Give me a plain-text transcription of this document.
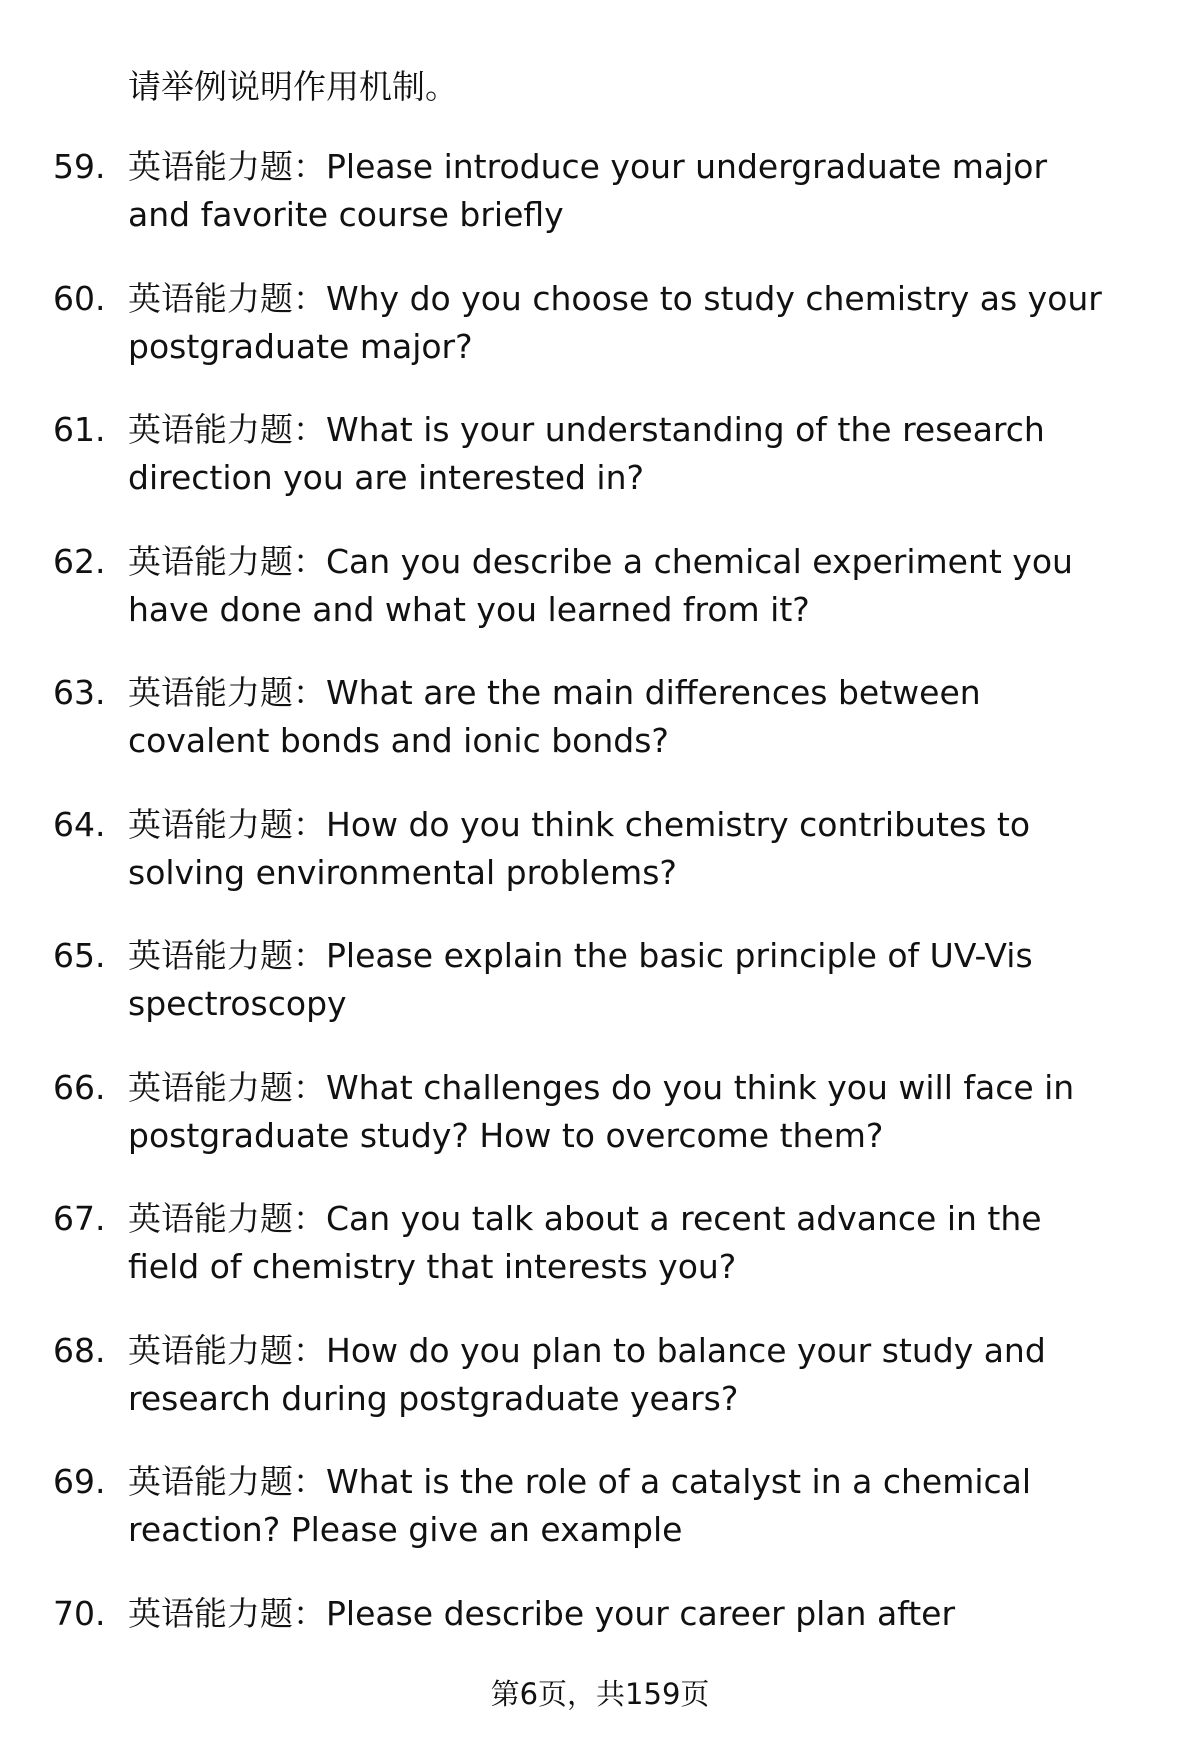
请举例说明作用机制。
59. 英语能力题：Please introduce your undergraduate major
and favorite course briefly
60. 英语能力题：Why do you choose to study chemistry as your
postgraduate major?
61. 英语能力题：What is your understanding of the research
direction you are interested in?
62. 英语能力题：Can you describe a chemical experiment you
have done and what you learned from it?
63. 英语能力题：What are the main differences between
covalent bonds and ionic bonds?
64. 英语能力题：How do you think chemistry contributes to
solving environmental problems?
65. 英语能力题：Please explain the basic principle of UV-Vis
spectroscopy
66. 英语能力题：What challenges do you think you will face in
postgraduate study? How to overcome them?
67. 英语能力题：Can you talk about a recent advance in the
field of chemistry that interests you?
68. 英语能力题：How do you plan to balance your study and
research during postgraduate years?
69. 英语能力题：What is the role of a catalyst in a chemical
reaction? Please give an example
70. 英语能力题：Please describe your career plan after

第6页，共159页
